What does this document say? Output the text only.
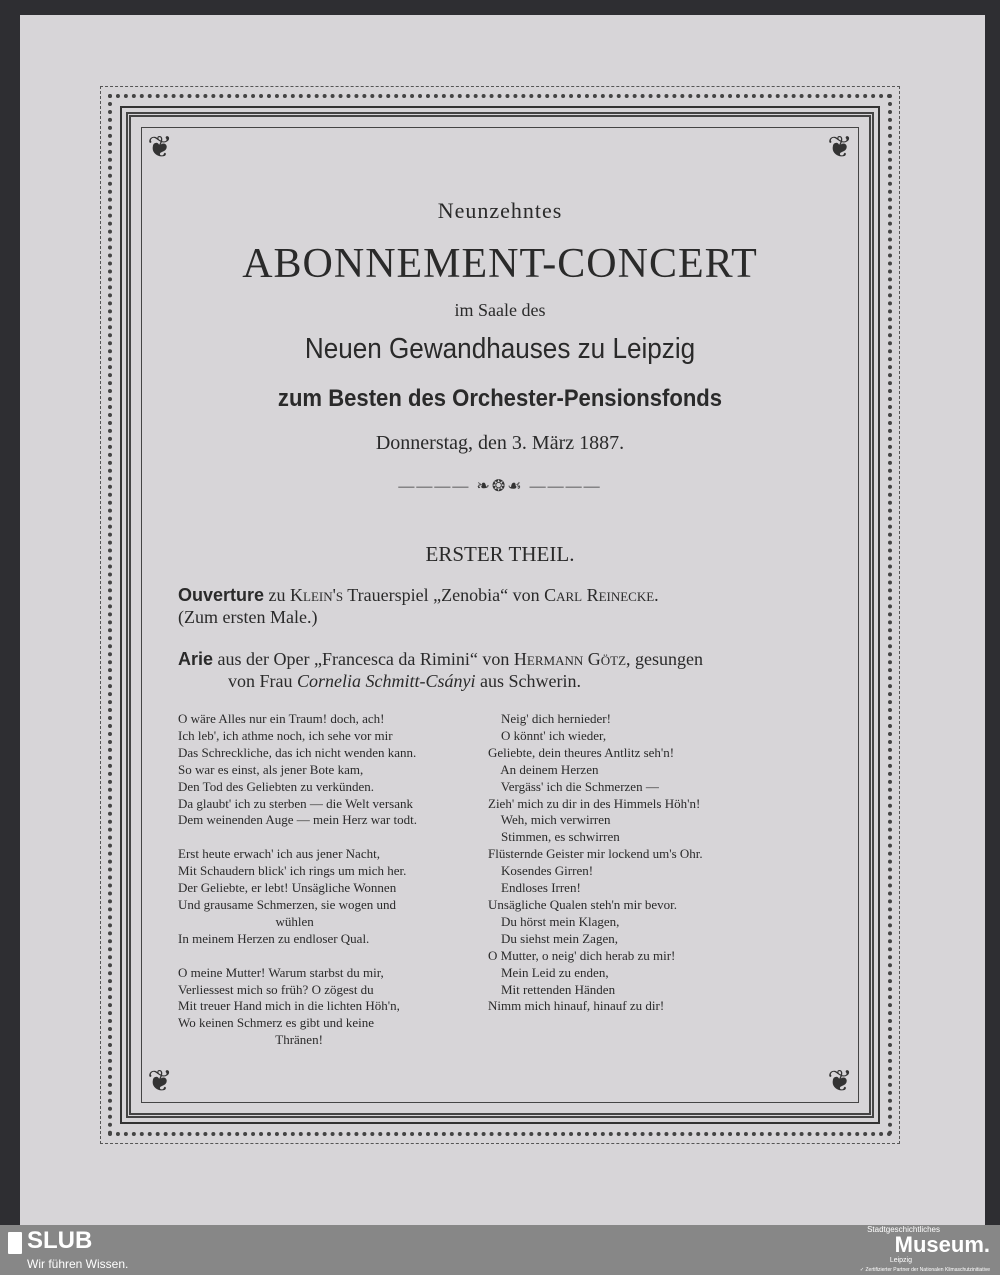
❦	❦
❦	❦
Neunzehntes
ABONNEMENT-CONCERT
im Saale des
Neuen Gewandhauses zu Leipzig
zum Besten des Orchester-Pensionsfonds
Donnerstag, den 3. März 1887.
———— ❧❂☙ ————
ERSTER THEIL.
Ouverture zu Klein's Trauerspiel „Zenobia“ von Carl Reinecke.
(Zum ersten Male.)
Arie aus der Oper „Francesca da Rimini“ von Hermann Götz, gesungen
von Frau Cornelia Schmitt-Csányi aus Schwerin.
O wäre Alles nur ein Traum! doch, ach!
Ich leb', ich athme noch, ich sehe vor mir
Das Schreckliche, das ich nicht wenden kann.
So war es einst, als jener Bote kam,
Den Tod des Geliebten zu verkünden.
Da glaubt' ich zu sterben — die Welt versank
Dem weinenden Auge — mein Herz war todt.

Erst heute erwach' ich aus jener Nacht,
Mit Schaudern blick' ich rings um mich her.
Der Geliebte, er lebt! Unsägliche Wonnen
Und grausame Schmerzen, sie wogen und
wühlen
In meinem Herzen zu endloser Qual.

O meine Mutter! Warum starbst du mir,
Verliessest mich so früh? O zögest du
Mit treuer Hand mich in die lichten Höh'n,
Wo keinen Schmerz es gibt und keine
Thränen!
Neig' dich hernieder!
O könnt' ich wieder,
Geliebte, dein theures Antlitz seh'n!
An deinem Herzen
Vergäss' ich die Schmerzen —
Zieh' mich zu dir in des Himmels Höh'n!
Weh, mich verwirren
Stimmen, es schwirren
Flüsternde Geister mir lockend um's Ohr.
Kosendes Girren!
Endloses Irren!
Unsägliche Qualen steh'n mir bevor.
Du hörst mein Klagen,
Du siehst mein Zagen,
O Mutter, o neig' dich herab zu mir!
Mein Leid zu enden,
Mit rettenden Händen
Nimm mich hinauf, hinauf zu dir!
SLUB
Wir führen Wissen.
Stadtgeschichtliches
Museum.
Leipzig
✓ Zertifizierter Partner der Nationalen Klimaschutzinitiative
